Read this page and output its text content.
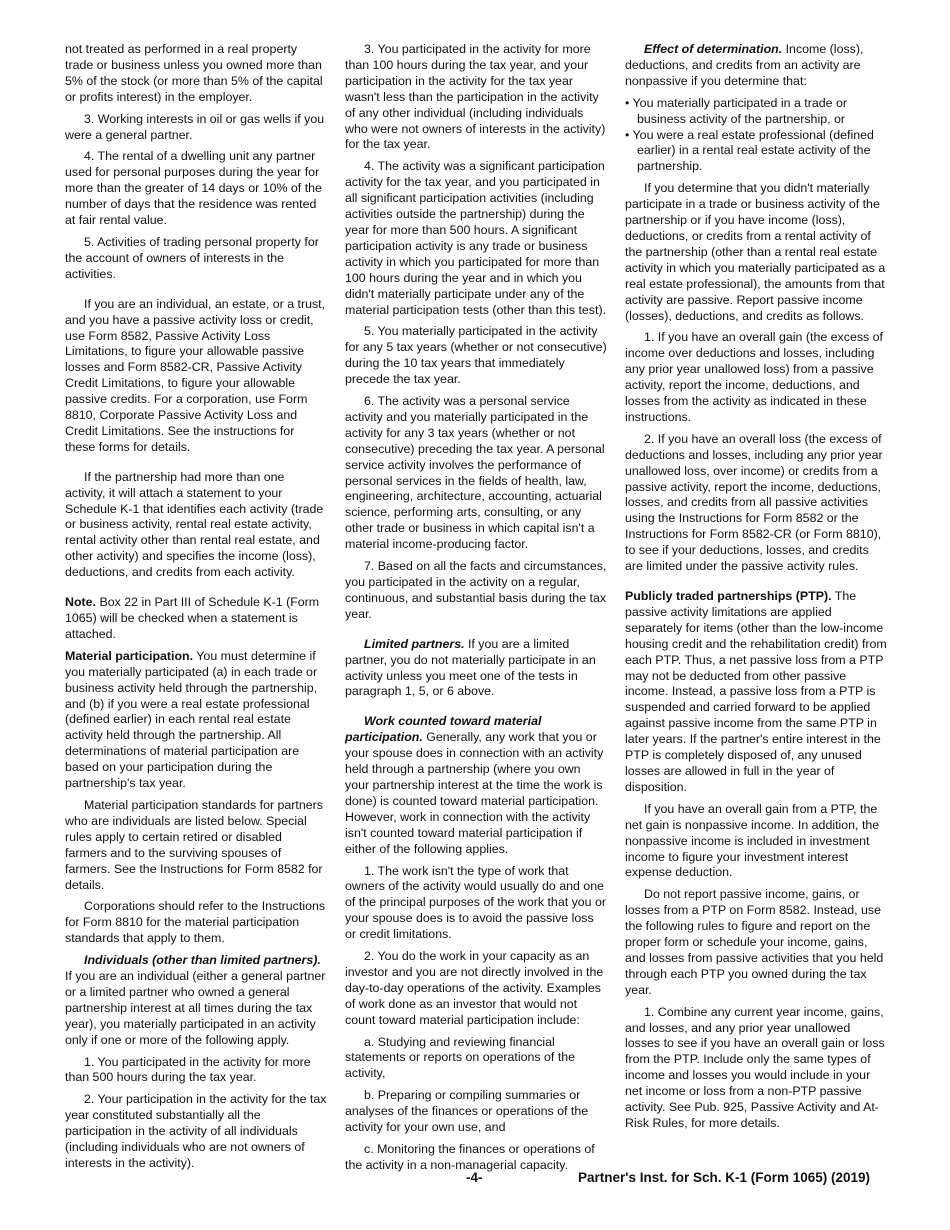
not treated as performed in a real property trade or business unless you owned more than 5% of the stock (or more than 5% of the capital or profits interest) in the employer.

3. Working interests in oil or gas wells if you were a general partner.

4. The rental of a dwelling unit any partner used for personal purposes during the year for more than the greater of 14 days or 10% of the number of days that the residence was rented at fair rental value.

5. Activities of trading personal property for the account of owners of interests in the activities.

If you are an individual, an estate, or a trust, and you have a passive activity loss or credit, use Form 8582, Passive Activity Loss Limitations, to figure your allowable passive losses and Form 8582-CR, Passive Activity Credit Limitations, to figure your allowable passive credits. For a corporation, use Form 8810, Corporate Passive Activity Loss and Credit Limitations. See the instructions for these forms for details.

If the partnership had more than one activity, it will attach a statement to your Schedule K-1 that identifies each activity (trade or business activity, rental real estate activity, rental activity other than rental real estate, and other activity) and specifies the income (loss), deductions, and credits from each activity.

Note. Box 22 in Part III of Schedule K-1 (Form 1065) will be checked when a statement is attached.

Material participation. You must determine if you materially participated (a) in each trade or business activity held through the partnership, and (b) if you were a real estate professional (defined earlier) in each rental real estate activity held through the partnership. All determinations of material participation are based on your participation during the partnership's tax year.

Material participation standards for partners who are individuals are listed below. Special rules apply to certain retired or disabled farmers and to the surviving spouses of farmers. See the Instructions for Form 8582 for details.

Corporations should refer to the Instructions for Form 8810 for the material participation standards that apply to them.

Individuals (other than limited partners). If you are an individual (either a general partner or a limited partner who owned a general partnership interest at all times during the tax year), you materially participated in an activity only if one or more of the following apply.

1. You participated in the activity for more than 500 hours during the tax year.

2. Your participation in the activity for the tax year constituted substantially all the participation in the activity of all individuals (including individuals who are not owners of interests in the activity).

3. You participated in the activity for more than 100 hours during the tax year, and your participation in the activity for the tax year wasn't less than the participation in the activity of any other individual (including individuals who were not owners of interests in the activity) for the tax year.

4. The activity was a significant participation activity for the tax year, and you participated in all significant participation activities (including activities outside the partnership) during the year for more than 500 hours. A significant participation activity is any trade or business activity in which you participated for more than 100 hours during the year and in which you didn't materially participate under any of the material participation tests (other than this test).

5. You materially participated in the activity for any 5 tax years (whether or not consecutive) during the 10 tax years that immediately precede the tax year.

6. The activity was a personal service activity and you materially participated in the activity for any 3 tax years (whether or not consecutive) preceding the tax year. A personal service activity involves the performance of personal services in the fields of health, law, engineering, architecture, accounting, actuarial science, performing arts, consulting, or any other trade or business in which capital isn't a material income-producing factor.

7. Based on all the facts and circumstances, you participated in the activity on a regular, continuous, and substantial basis during the tax year.

Limited partners. If you are a limited partner, you do not materially participate in an activity unless you meet one of the tests in paragraph 1, 5, or 6 above.

Work counted toward material participation. Generally, any work that you or your spouse does in connection with an activity held through a partnership (where you own your partnership interest at the time the work is done) is counted toward material participation. However, work in connection with the activity isn't counted toward material participation if either of the following applies.

1. The work isn't the type of work that owners of the activity would usually do and one of the principal purposes of the work that you or your spouse does is to avoid the passive loss or credit limitations.

2. You do the work in your capacity as an investor and you are not directly involved in the day-to-day operations of the activity. Examples of work done as an investor that would not count toward material participation include:

a. Studying and reviewing financial statements or reports on operations of the activity,

b. Preparing or compiling summaries or analyses of the finances or operations of the activity for your own use, and

c. Monitoring the finances or operations of the activity in a non-managerial capacity.

Effect of determination. Income (loss), deductions, and credits from an activity are nonpassive if you determine that:

• You materially participated in a trade or business activity of the partnership, or

• You were a real estate professional (defined earlier) in a rental real estate activity of the partnership.

If you determine that you didn't materially participate in a trade or business activity of the partnership or if you have income (loss), deductions, or credits from a rental activity of the partnership (other than a rental real estate activity in which you materially participated as a real estate professional), the amounts from that activity are passive. Report passive income (losses), deductions, and credits as follows.

1. If you have an overall gain (the excess of income over deductions and losses, including any prior year unallowed loss) from a passive activity, report the income, deductions, and losses from the activity as indicated in these instructions.

2. If you have an overall loss (the excess of deductions and losses, including any prior year unallowed loss, over income) or credits from a passive activity, report the income, deductions, losses, and credits from all passive activities using the Instructions for Form 8582 or the Instructions for Form 8582-CR (or Form 8810), to see if your deductions, losses, and credits are limited under the passive activity rules.

Publicly traded partnerships (PTP). The passive activity limitations are applied separately for items (other than the low-income housing credit and the rehabilitation credit) from each PTP. Thus, a net passive loss from a PTP may not be deducted from other passive income. Instead, a passive loss from a PTP is suspended and carried forward to be applied against passive income from the same PTP in later years. If the partner's entire interest in the PTP is completely disposed of, any unused losses are allowed in full in the year of disposition.

If you have an overall gain from a PTP, the net gain is nonpassive income. In addition, the nonpassive income is included in investment income to figure your investment interest expense deduction.

Do not report passive income, gains, or losses from a PTP on Form 8582. Instead, use the following rules to figure and report on the proper form or schedule your income, gains, and losses from passive activities that you held through each PTP you owned during the tax year.

1. Combine any current year income, gains, and losses, and any prior year unallowed losses to see if you have an overall gain or loss from the PTP. Include only the same types of income and losses you would include in your net income or loss from a non-PTP passive activity. See Pub. 925, Passive Activity and At-Risk Rules, for more details.

-4-	Partner's Inst. for Sch. K-1 (Form 1065) (2019)
